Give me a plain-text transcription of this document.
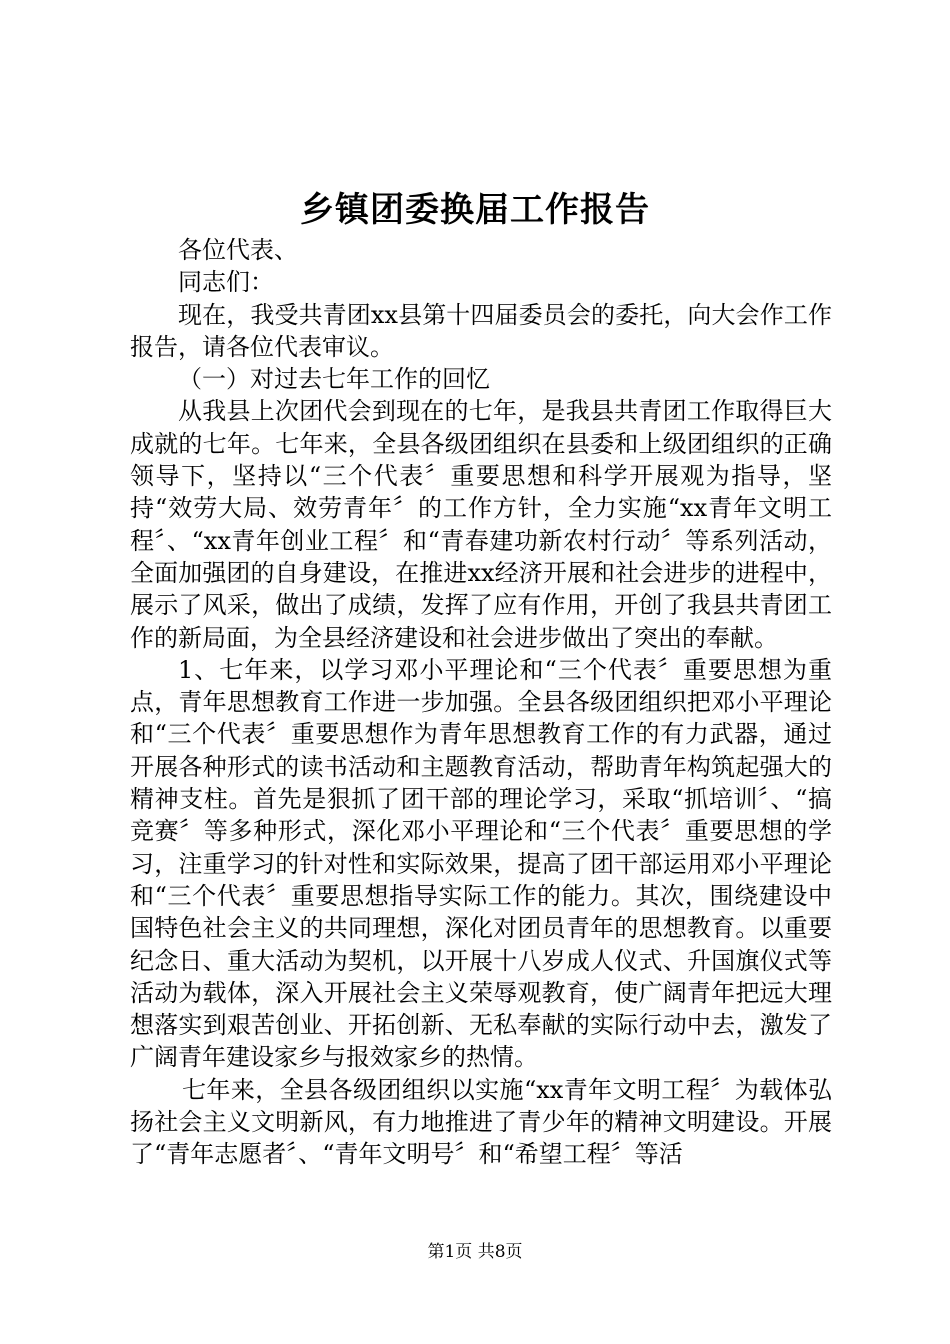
乡镇团委换届工作报告

各位代表、

同志们：

现在，我受共青团xx县第十四届委员会的委托，向大会作工作报告，请各位代表审议。

（一）对过去七年工作的回忆

从我县上次团代会到现在的七年，是我县共青团工作取得巨大成就的七年。七年来，全县各级团组织在县委和上级团组织的正确领导下，坚持以“三个代表〞重要思想和科学开展观为指导，坚持“效劳大局、效劳青年〞的工作方针，全力实施“xx青年文明工程〞、“xx青年创业工程〞和“青春建功新农村行动〞等系列活动，全面加强团的自身建设，在推进xx经济开展和社会进步的进程中，展示了风采，做出了成绩，发挥了应有作用，开创了我县共青团工作的新局面，为全县经济建设和社会进步做出了突出的奉献。

1、七年来，以学习邓小平理论和“三个代表〞重要思想为重点，青年思想教育工作进一步加强。全县各级团组织把邓小平理论和“三个代表〞重要思想作为青年思想教育工作的有力武器，通过开展各种形式的读书活动和主题教育活动，帮助青年构筑起强大的精神支柱。首先是狠抓了团干部的理论学习，采取“抓培训〞、“搞竞赛〞等多种形式，深化邓小平理论和“三个代表〞重要思想的学习，注重学习的针对性和实际效果，提高了团干部运用邓小平理论和“三个代表〞重要思想指导实际工作的能力。其次，围绕建设中国特色社会主义的共同理想，深化对团员青年的思想教育。以重要纪念日、重大活动为契机，以开展十八岁成人仪式、升国旗仪式等活动为载体，深入开展社会主义荣辱观教育，使广阔青年把远大理想落实到艰苦创业、开拓创新、无私奉献的实际行动中去，激发了广阔青年建设家乡与报效家乡的热情。

七年来，全县各级团组织以实施“xx青年文明工程〞为载体弘扬社会主义文明新风，有力地推进了青少年的精神文明建设。开展了“青年志愿者〞、“青年文明号〞和“希望工程〞等活

第1页 共8页
